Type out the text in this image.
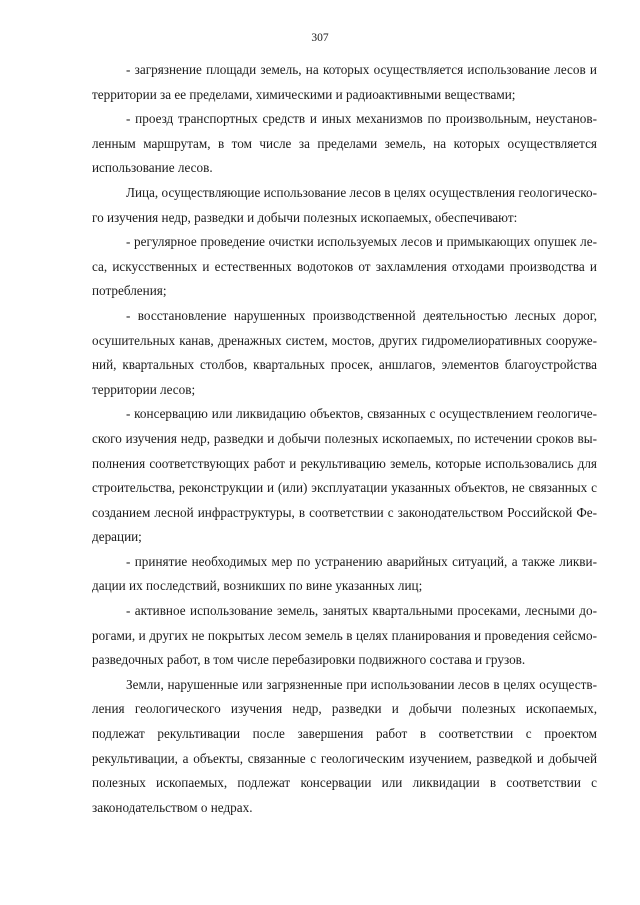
307

- загрязнение площади земель, на которых осуществляется использование лесов и территории за ее пределами, химическими и радиоактивными веществами;

- проезд транспортных средств и иных механизмов по произвольным, неустановленным маршрутам, в том числе за пределами земель, на которых осуществляется использование лесов.

Лица, осуществляющие использование лесов в целях осуществления геологического изучения недр, разведки и добычи полезных ископаемых, обеспечивают:

- регулярное проведение очистки используемых лесов и примыкающих опушек леса, искусственных и естественных водотоков от захламления отходами производства и потребления;

- восстановление нарушенных производственной деятельностью лесных дорог, осушительных канав, дренажных систем, мостов, других гидромелиоративных сооружений, квартальных столбов, квартальных просек, аншлагов, элементов благоустройства территории лесов;

- консервацию или ликвидацию объектов, связанных с осуществлением геологического изучения недр, разведки и добычи полезных ископаемых, по истечении сроков выполнения соответствующих работ и рекультивацию земель, которые использовались для строительства, реконструкции и (или) эксплуатации указанных объектов, не связанных с созданием лесной инфраструктуры, в соответствии с законодательством Российской Федерации;

- принятие необходимых мер по устранению аварийных ситуаций, а также ликвидации их последствий, возникших по вине указанных лиц;

- активное использование земель, занятых квартальными просеками, лесными дорогами, и других не покрытых лесом земель в целях планирования и проведения сейсморазведочных работ, в том числе перебазировки подвижного состава и грузов.

Земли, нарушенные или загрязненные при использовании лесов в целях осуществления геологического изучения недр, разведки и добычи полезных ископаемых, подлежат рекультивации после завершения работ в соответствии с проектом рекультивации, а объекты, связанные с геологическим изучением, разведкой и добычей полезных ископаемых, подлежат консервации или ликвидации в соответствии с законодательством о недрах.
